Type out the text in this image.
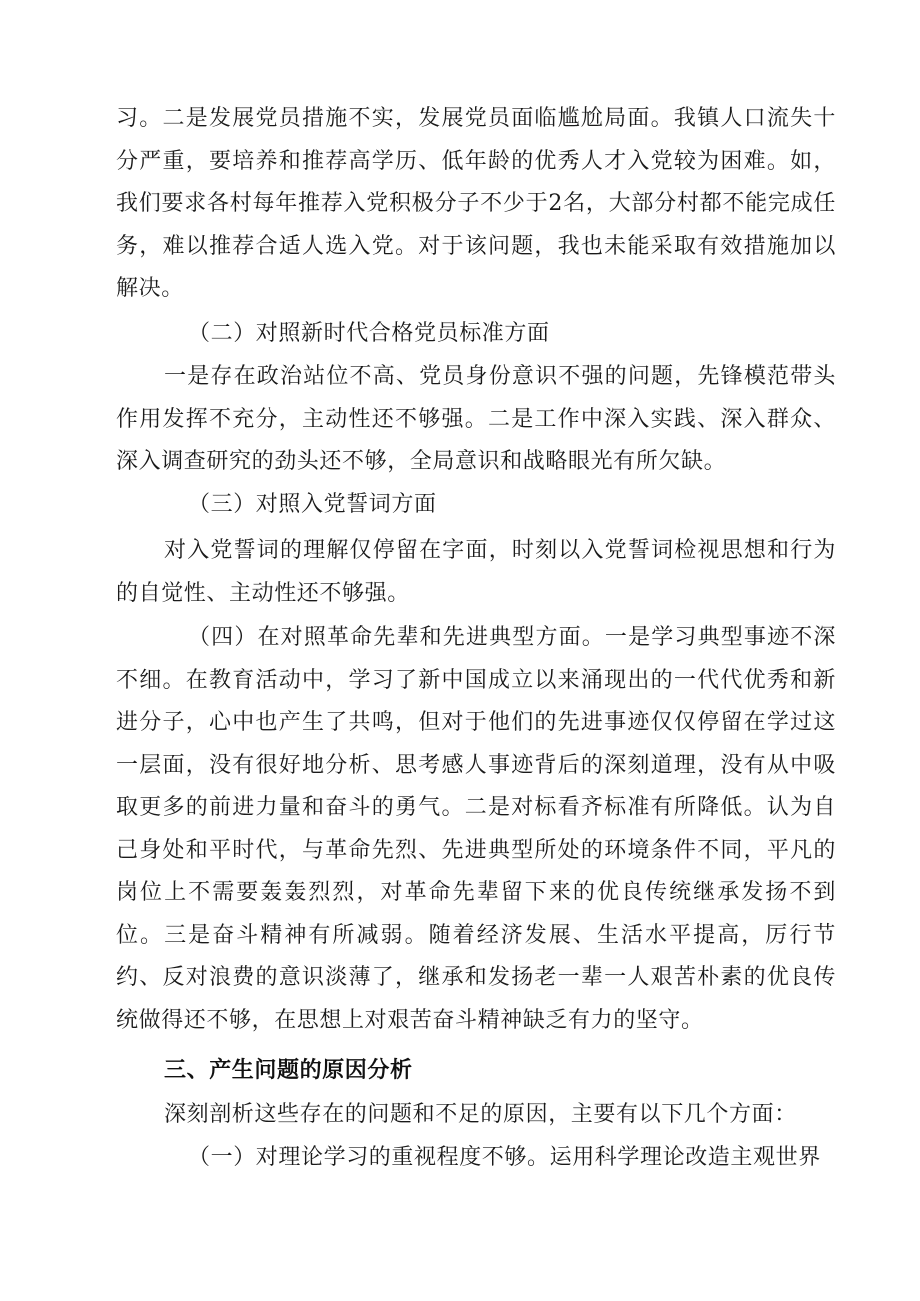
习。二是发展党员措施不实，发展党员面临尴尬局面。我镇人口流失十分严重，要培养和推荐高学历、低年龄的优秀人才入党较为困难。如，我们要求各村每年推荐入党积极分子不少于2名，大部分村都不能完成任务，难以推荐合适人选入党。对于该问题，我也未能采取有效措施加以解决。

（二）对照新时代合格党员标准方面

一是存在政治站位不高、党员身份意识不强的问题，先锋模范带头作用发挥不充分，主动性还不够强。二是工作中深入实践、深入群众、深入调查研究的劲头还不够，全局意识和战略眼光有所欠缺。

（三）对照入党誓词方面

对入党誓词的理解仅停留在字面，时刻以入党誓词检视思想和行为的自觉性、主动性还不够强。

（四）在对照革命先辈和先进典型方面。一是学习典型事迹不深不细。在教育活动中，学习了新中国成立以来涌现出的一代代优秀和新进分子，心中也产生了共鸣，但对于他们的先进事迹仅仅停留在学过这一层面，没有很好地分析、思考感人事迹背后的深刻道理，没有从中吸取更多的前进力量和奋斗的勇气。二是对标看齐标准有所降低。认为自己身处和平时代，与革命先烈、先进典型所处的环境条件不同，平凡的岗位上不需要轰轰烈烈，对革命先辈留下来的优良传统继承发扬不到位。三是奋斗精神有所减弱。随着经济发展、生活水平提高，厉行节约、反对浪费的意识淡薄了，继承和发扬老一辈一人艰苦朴素的优良传统做得还不够，在思想上对艰苦奋斗精神缺乏有力的坚守。

三、产生问题的原因分析

深刻剖析这些存在的问题和不足的原因，主要有以下几个方面：

（一）对理论学习的重视程度不够。运用科学理论改造主观世界
